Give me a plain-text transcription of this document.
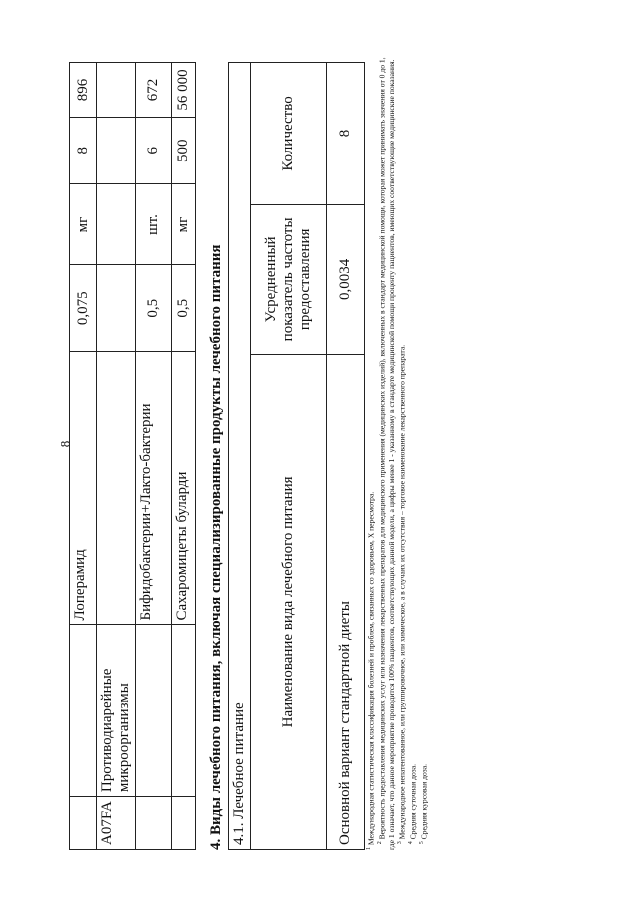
8
		Лоперамид	0,075	мг	8	896
A07FA	Противодиарейные микроорганизмы					
		Бифидобактерии+Лакто-бактерии	0,5	шт.	6	672
		Сахаромицеты буларди	0,5	мг	500	56 000
4. Виды лечебного питания, включая специализированные продукты лечебного питания 4.1. Лечебное питание		
Наименование вида лечебного питания	Усредненный показатель частоты предоставления	Количество
Основной вариант стандартной диеты	0,0034	8

$^1$ Международная статистическая классификация болезней и проблем, связанных со здоровьем, X пересмотра. $^2$ Вероятность предоставления медицинских услуг или назначения лекарственных препаратов для медицинского применения (медицинских изделий), включенных в стандарт медицинской помощи, которая может принимать значения от 0 до 1, где 1 означает, что данное мероприятие проводится 100% пациентов, соответствующих данной модели, а цифры менее 1 - указанному в стандарте медицинской помощи проценту пациентов, имеющих соответствующие медицинские показания. $^3$ Международное непатентованное, или группировочное, или химическое, а в случаях их отсутствия – торговое наименование лекарственного препарата.

$^4$ Средняя суточная доза.

$^5$ Средняя курсовая доза.
